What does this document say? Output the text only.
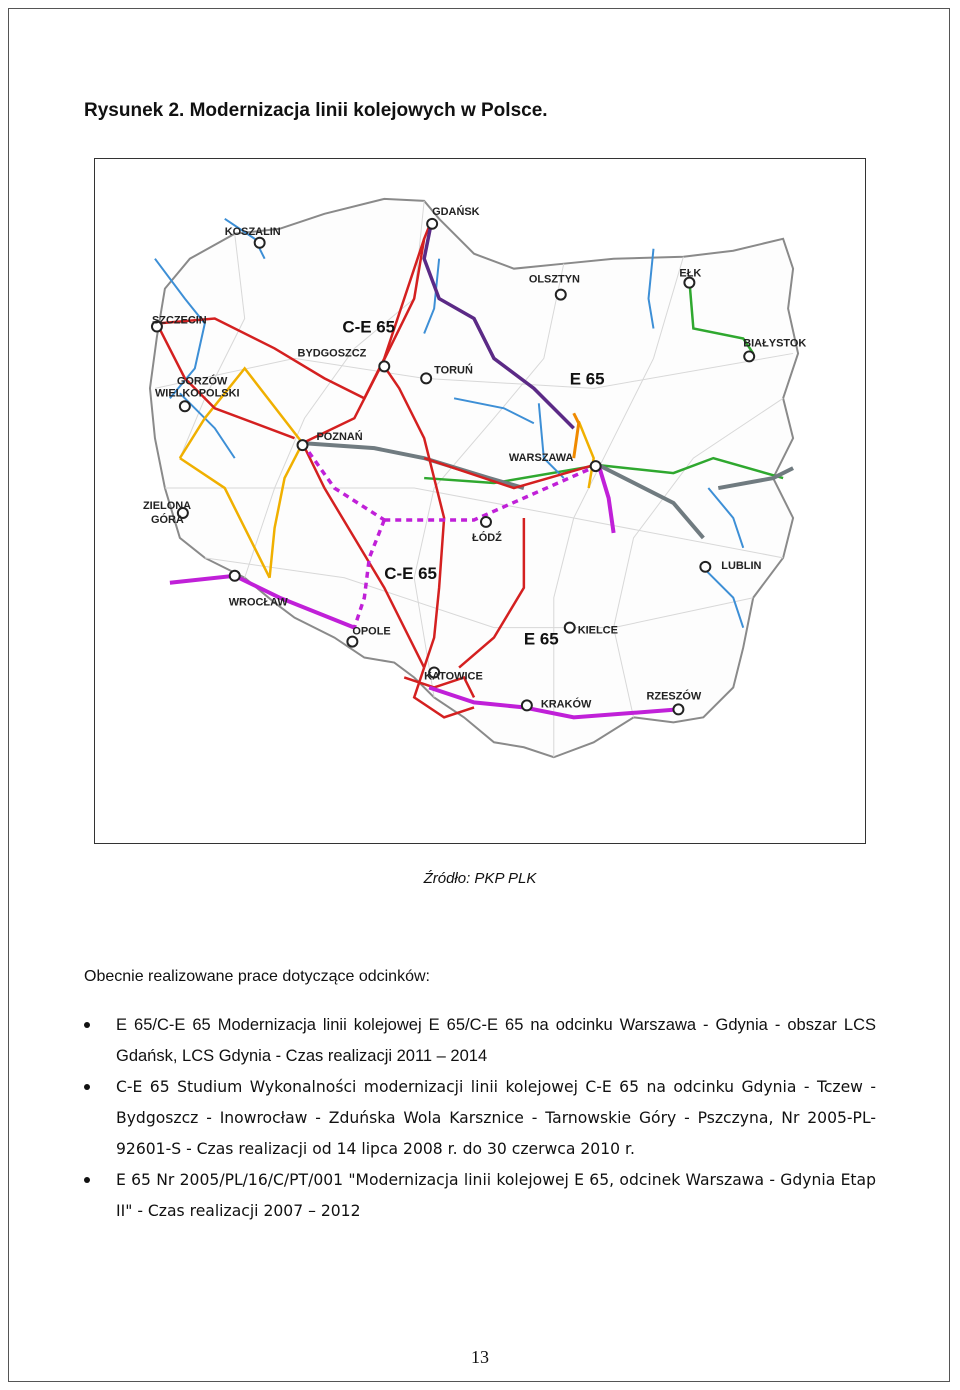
Rysunek 2. Modernizacja linii kolejowych w Polsce.
KOSZALIN
GDAŃSK
OLSZTYN	EŁK
SZCZECIN
BYDGOSZCZ
TORUŃ
BIAŁYSTOK
GORZÓW
WIELKOPOLSKI
POZNAŃ
WARSZAWA
ZIELONA
GÓRA
ŁÓDŹ
LUBLIN
WROCŁAW
OPOLE	KIELCE
KATOWICE
KRAKÓW
RZESZÓW
C-E 65
E 65
C-E 65
E 65
Źródło: PKP PLK
Obecnie realizowane prace dotyczące odcinków:
E 65/C-E 65 Modernizacja linii kolejowej E 65/C-E 65 na odcinku Warszawa - Gdynia - obszar LCS Gdańsk, LCS Gdynia - Czas realizacji 2011 – 2014
C-E 65 Studium Wykonalności modernizacji linii kolejowej C-E 65 na odcinku Gdynia - Tczew - Bydgoszcz - Inowrocław - Zduńska Wola Karsznice - Tarnowskie Góry - Pszczyna, Nr 2005-PL-92601-S - Czas realizacji od 14 lipca 2008 r. do 30 czerwca 2010 r.
E 65 Nr 2005/PL/16/C/PT/001 "Modernizacja linii kolejowej E 65, odcinek Warszawa - Gdynia Etap II" - Czas realizacji 2007 – 2012
13
